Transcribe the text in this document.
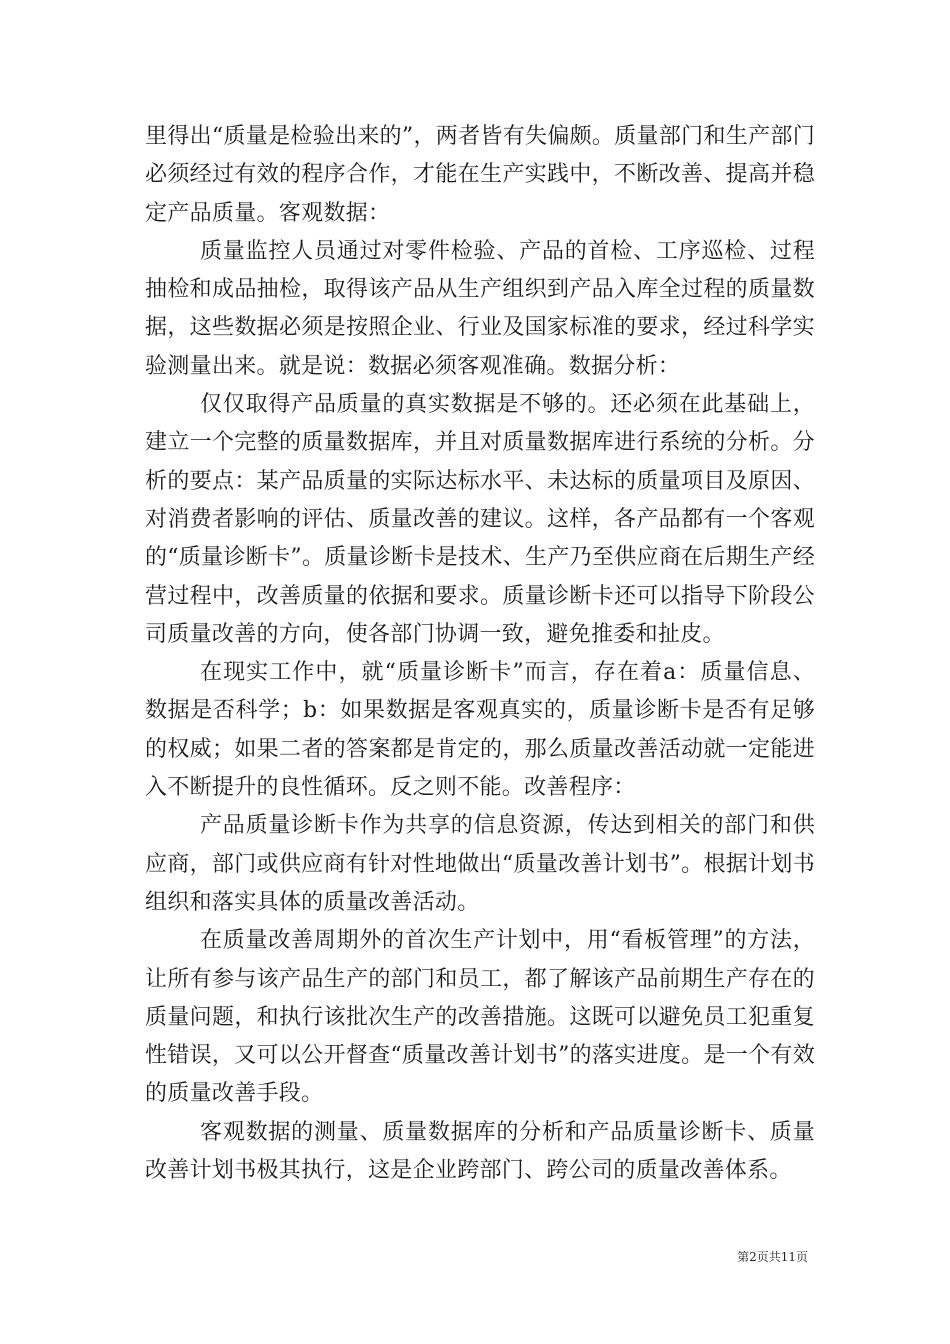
里得出“质量是检验出来的”，两者皆有失偏颇。质量部门和生产部门必须经过有效的程序合作，才能在生产实践中，不断改善、提高并稳定产品质量。客观数据：

质量监控人员通过对零件检验、产品的首检、工序巡检、过程抽检和成品抽检，取得该产品从生产组织到产品入库全过程的质量数据，这些数据必须是按照企业、行业及国家标准的要求，经过科学实验测量出来。就是说：数据必须客观准确。数据分析：

仅仅取得产品质量的真实数据是不够的。还必须在此基础上，建立一个完整的质量数据库，并且对质量数据库进行系统的分析。分析的要点：某产品质量的实际达标水平、未达标的质量项目及原因、对消费者影响的评估、质量改善的建议。这样，各产品都有一个客观的“质量诊断卡”。质量诊断卡是技术、生产乃至供应商在后期生产经营过程中，改善质量的依据和要求。质量诊断卡还可以指导下阶段公司质量改善的方向，使各部门协调一致，避免推委和扯皮。

在现实工作中，就“质量诊断卡”而言，存在着a：质量信息、数据是否科学；b：如果数据是客观真实的，质量诊断卡是否有足够的权威；如果二者的答案都是肯定的，那么质量改善活动就一定能进入不断提升的良性循环。反之则不能。改善程序：

产品质量诊断卡作为共享的信息资源，传达到相关的部门和供应商，部门或供应商有针对性地做出“质量改善计划书”。根据计划书组织和落实具体的质量改善活动。

在质量改善周期外的首次生产计划中，用“看板管理”的方法，让所有参与该产品生产的部门和员工，都了解该产品前期生产存在的质量问题，和执行该批次生产的改善措施。这既可以避免员工犯重复性错误，又可以公开督查“质量改善计划书”的落实进度。是一个有效的质量改善手段。

客观数据的测量、质量数据库的分析和产品质量诊断卡、质量改善计划书极其执行，这是企业跨部门、跨公司的质量改善体系。

第2页共11页
